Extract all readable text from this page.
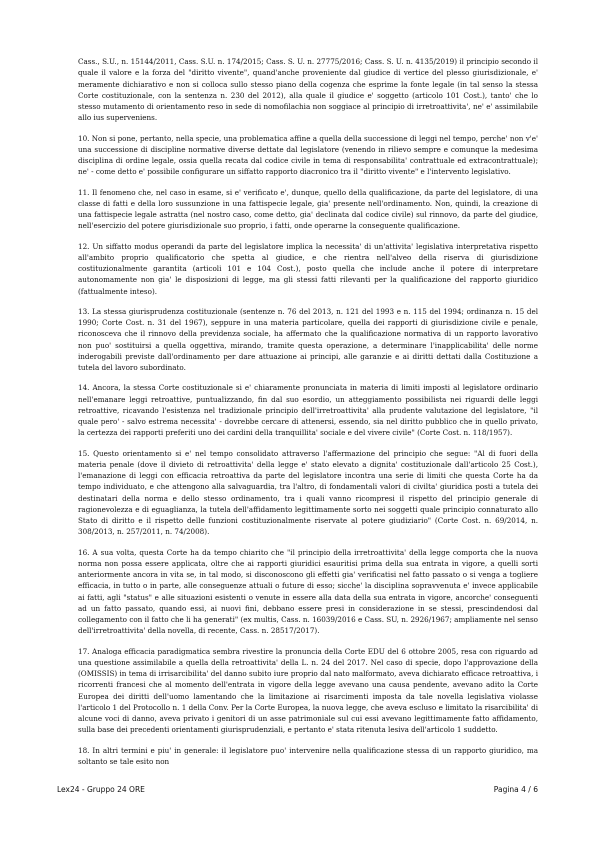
Cass., S.U., n. 15144/2011, Cass. S.U. n. 174/2015; Cass. S. U. n. 27775/2016; Cass. S. U. n. 4135/2019) il principio secondo il quale il valore e la forza del "diritto vivente", quand'anche proveniente dal giudice di vertice del plesso giurisdizionale, e' meramente dichiarativo e non si colloca sullo stesso piano della cogenza che esprime la fonte legale (in tal senso la stessa Corte costituzionale, con la sentenza n. 230 del 2012), alla quale il giudice e' soggetto (articolo 101 Cost.), tanto' che lo stesso mutamento di orientamento reso in sede di nomofilachia non soggiace al principio di irretroattivita', ne' e' assimilabile allo ius superveniens.

10. Non si pone, pertanto, nella specie, una problematica affine a quella della successione di leggi nel tempo, perche' non v'e' una successione di discipline normative diverse dettate dal legislatore (venendo in rilievo sempre e comunque la medesima disciplina di ordine legale, ossia quella recata dal codice civile in tema di responsabilita' contrattuale ed extracontrattuale); ne' - come detto e' possibile configurare un siffatto rapporto diacronico tra il "diritto vivente" e l'intervento legislativo.

11. Il fenomeno che, nel caso in esame, si e' verificato e', dunque, quello della qualificazione, da parte del legislatore, di una classe di fatti e della loro sussunzione in una fattispecie legale, gia' presente nell'ordinamento. Non, quindi, la creazione di una fattispecie legale astratta (nel nostro caso, come detto, gia' declinata dal codice civile) sul rinnovo, da parte del giudice, nell'esercizio del potere giurisdizionale suo proprio, i fatti, onde operarne la conseguente qualificazione.

12. Un siffatto modus operandi da parte del legislatore implica la necessita' di un'attivita' legislativa interpretativa rispetto all'ambito proprio qualificatorio che spetta al giudice, e che rientra nell'alveo della riserva di giurisdizione costituzionalmente garantita (articoli 101 e 104 Cost.), posto quella che include anche il potere di interpretare autonomamente non gia' le disposizioni di legge, ma gli stessi fatti rilevanti per la qualificazione del rapporto giuridico (fattualmente inteso).

13. La stessa giurisprudenza costituzionale (sentenze n. 76 del 2013, n. 121 del 1993 e n. 115 del 1994; ordinanza n. 15 del 1990; Corte Cost. n. 31 del 1967), seppure in una materia particolare, quella dei rapporti di giurisdizione civile e penale, riconosceva che il rinnovo della previdenza sociale, ha affermato che la qualificazione normativa di un rapporto lavorativo non puo' sostituirsi a quella oggettiva, mirando, tramite questa operazione, a determinare l'inapplicabilita' delle norme inderogabili previste dall'ordinamento per dare attuazione ai principi, alle garanzie e ai diritti dettati dalla Costituzione a tutela del lavoro subordinato.

14. Ancora, la stessa Corte costituzionale si e' chiaramente pronunciata in materia di limiti imposti al legislatore ordinario nell'emanare leggi retroattive, puntualizzando, fin dal suo esordio, un atteggiamento possibilista nei riguardi delle leggi retroattive, ricavando l'esistenza nel tradizionale principio dell'irretroattivita' alla prudente valutazione del legislatore, "il quale pero' - salvo estrema necessita' - dovrebbe cercare di attenersi, essendo, sia nel diritto pubblico che in quello privato, la certezza dei rapporti preferiti uno dei cardini della tranquillita' sociale e del vivere civile" (Corte Cost. n. 118/1957).

15. Questo orientamento si e' nel tempo consolidato attraverso l'affermazione del principio che segue: "Al di fuori della materia penale (dove il divieto di retroattivita' della legge e' stato elevato a dignita' costituzionale dall'articolo 25 Cost.), l'emanazione di leggi con efficacia retroattiva da parte del legislatore incontra una serie di limiti che questa Corte ha da tempo individuato, e che attengono alla salvaguardia, tra l'altro, di fondamentali valori di civilta' giuridica posti a tutela dei destinatari della norma e dello stesso ordinamento, tra i quali vanno ricompresi il rispetto del principio generale di ragionevolezza e di eguaglianza, la tutela dell'affidamento legittimamente sorto nei soggetti quale principio connaturato allo Stato di diritto e il rispetto delle funzioni costituzionalmente riservate al potere giudiziario" (Corte Cost. n. 69/2014, n. 308/2013, n. 257/2011, n. 74/2008).

16. A sua volta, questa Corte ha da tempo chiarito che "il principio della irretroattivita' della legge comporta che la nuova norma non possa essere applicata, oltre che ai rapporti giuridici esauritisi prima della sua entrata in vigore, a quelli sorti anteriormente ancora in vita se, in tal modo, si disconoscono gli effetti gia' verificatisi nel fatto passato o si venga a togliere efficacia, in tutto o in parte, alle conseguenze attuali o future di esso; sicche' la disciplina sopravvenuta e' invece applicabile ai fatti, agli "status" e alle situazioni esistenti o venute in essere alla data della sua entrata in vigore, ancorche' conseguenti ad un fatto passato, quando essi, ai nuovi fini, debbano essere presi in considerazione in se stessi, prescindendosi dal collegamento con il fatto che li ha generati" (ex multis, Cass. n. 16039/2016 e Cass. SU, n. 2926/1967; ampliamente nel senso dell'irretroattivita' della novella, di recente, Cass. n. 28517/2017).

17. Analoga efficacia paradigmatica sembra rivestire la pronuncia della Corte EDU del 6 ottobre 2005, resa con riguardo ad una questione assimilabile a quella della retroattivita' della L. n. 24 del 2017. Nel caso di specie, dopo l'approvazione della (OMISSIS) in tema di irrisarcibilita' del danno subito iure proprio dal nato malformato, aveva dichiarato efficace retroattiva, i ricorrenti francesi che al momento dell'entrata in vigore della legge avevano una causa pendente, avevano adito la Corte Europea dei diritti dell'uomo lamentando che la limitazione ai risarcimenti imposta da tale novella legislativa violasse l'articolo 1 del Protocollo n. 1 della Conv. Per la Corte Europea, la nuova legge, che aveva escluso e limitato la risarcibilita' di alcune voci di danno, aveva privato i genitori di un asse patrimoniale sul cui essi avevano legittimamente fatto affidamento, sulla base dei precedenti orientamenti giurisprudenziali, e pertanto e' stata ritenuta lesiva dell'articolo 1 suddetto.

18. In altri termini e piu' in generale: il legislatore puo' intervenire nella qualificazione stessa di un rapporto giuridico, ma soltanto se tale esito non

Lex24 - Gruppo 24 ORE	Pagina 4 / 6
